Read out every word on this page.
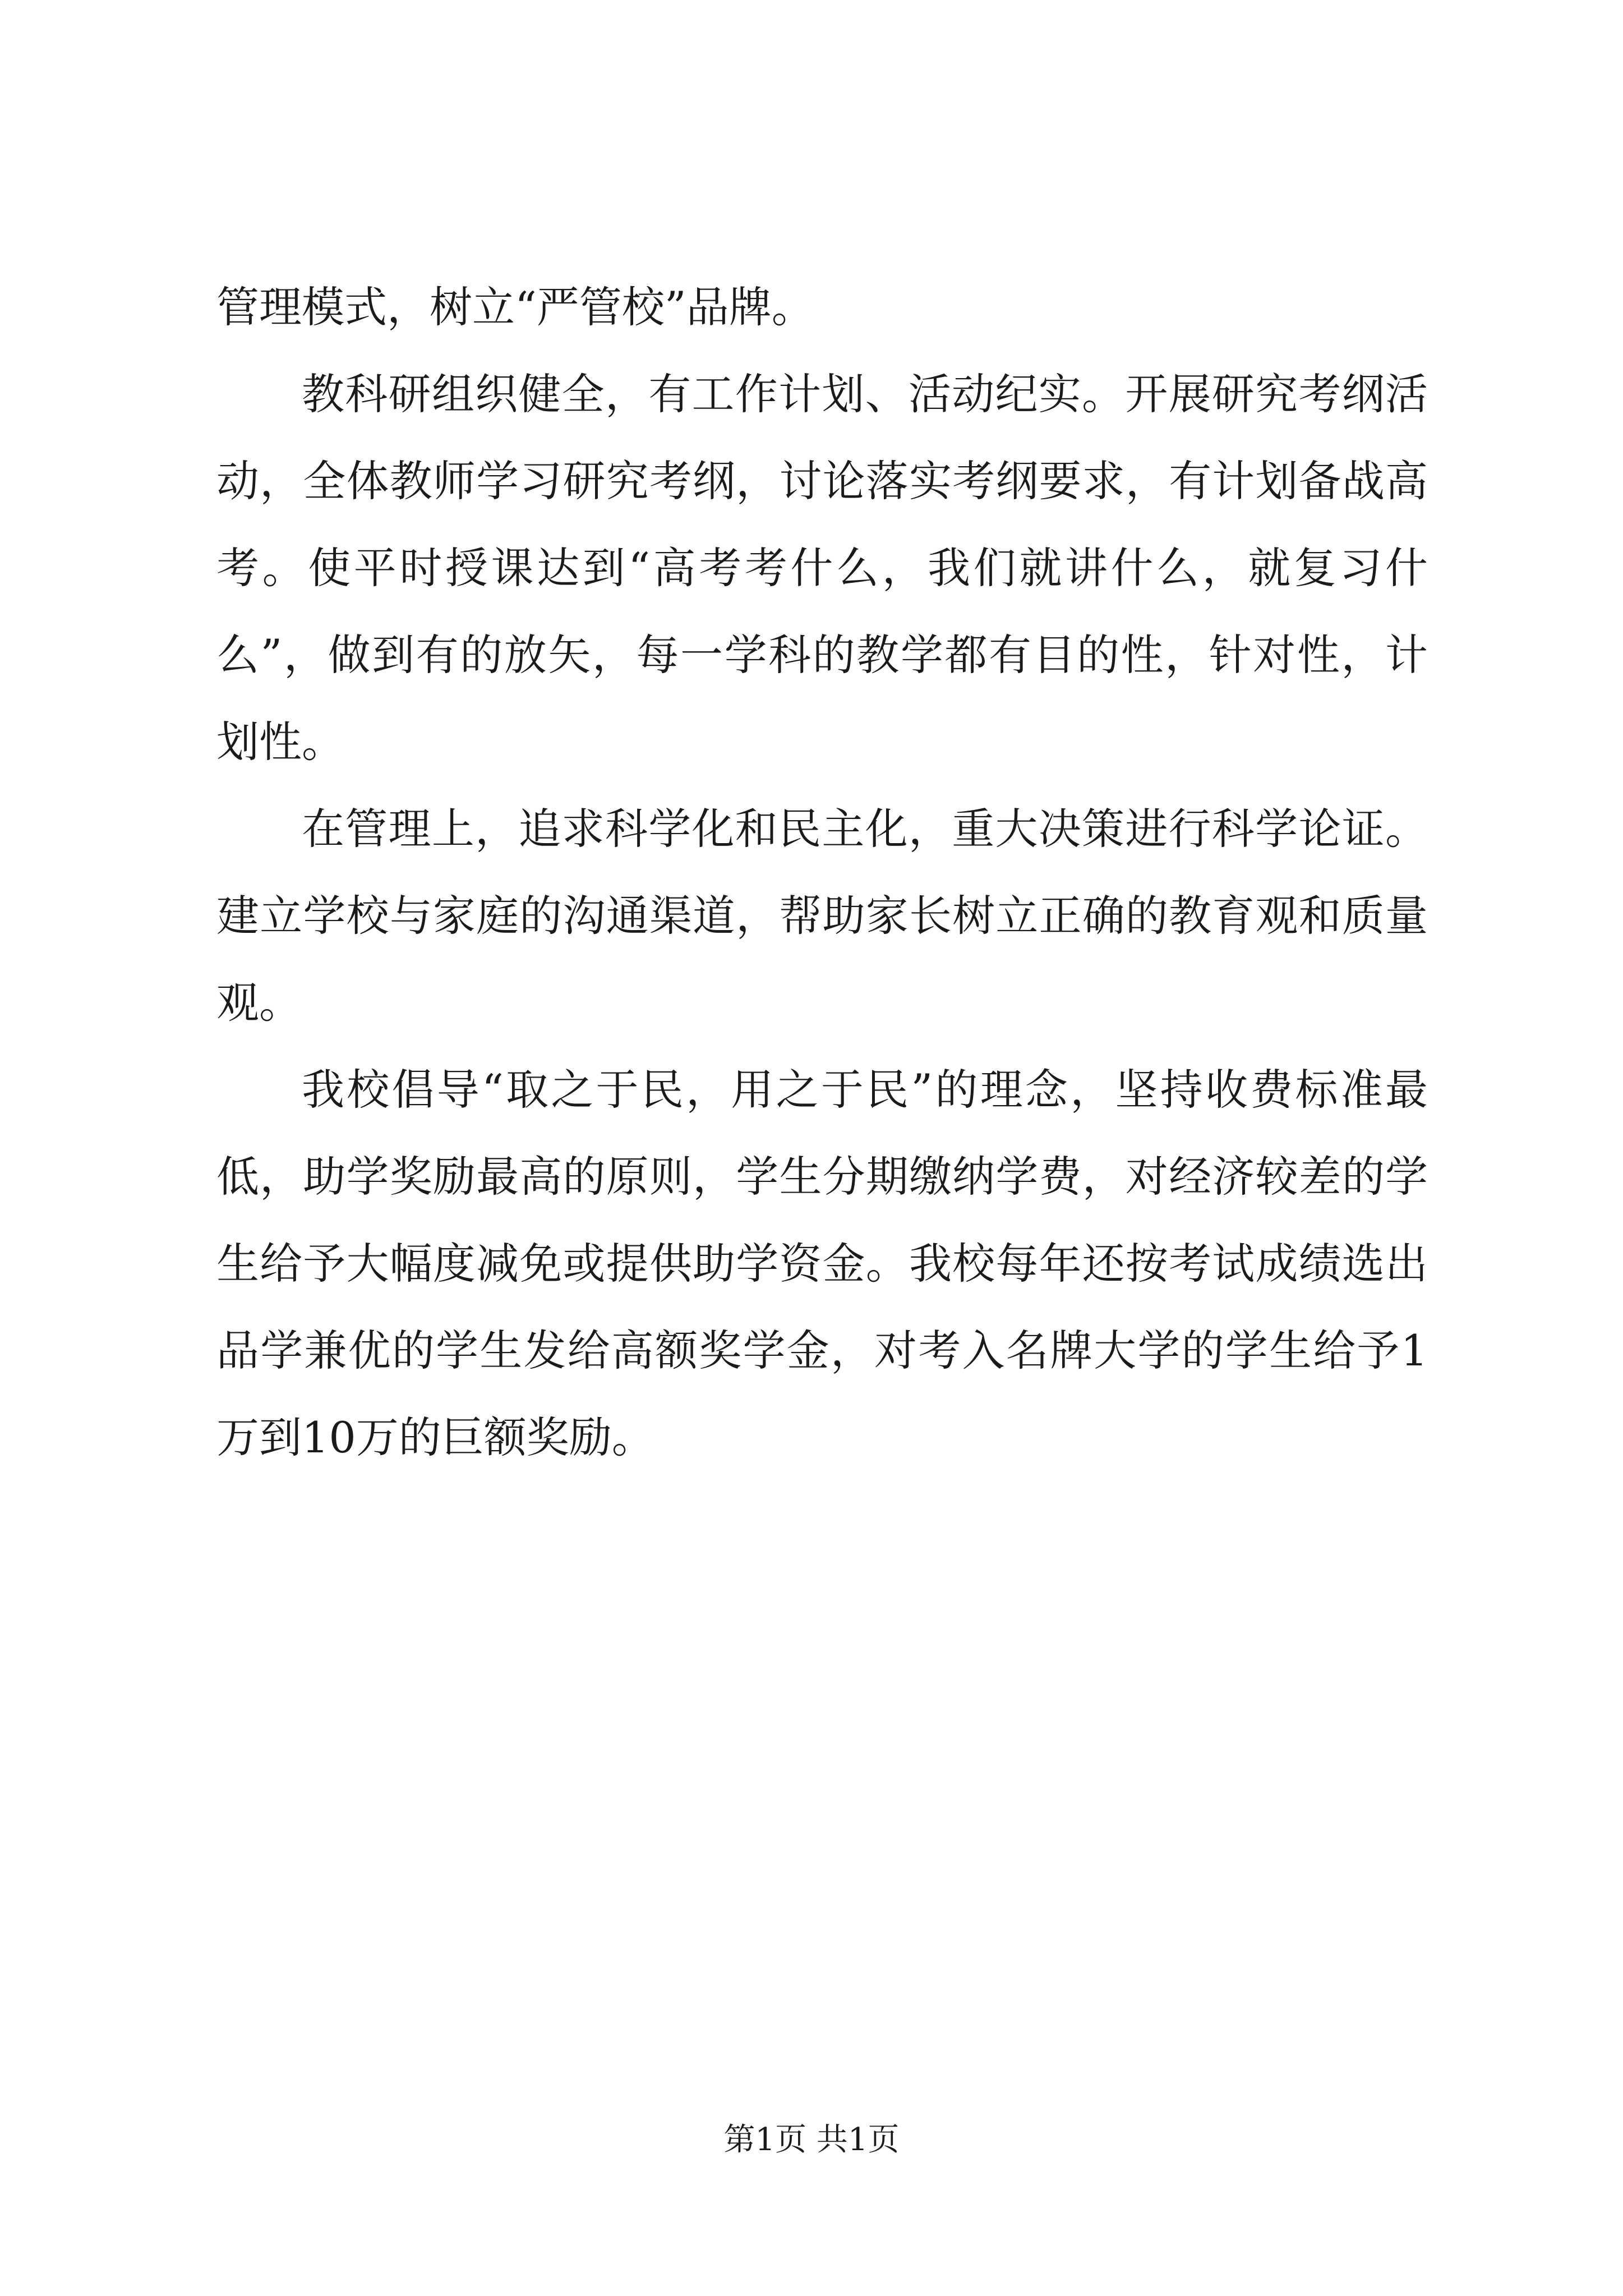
管理模式，树立“严管校”品牌。

教科研组织健全，有工作计划、活动纪实。开展研究考纲活动，全体教师学习研究考纲，讨论落实考纲要求，有计划备战高考。使平时授课达到“高考考什么，我们就讲什么，就复习什么”，做到有的放矢，每一学科的教学都有目的性，针对性，计划性。

在管理上，追求科学化和民主化，重大决策进行科学论证。建立学校与家庭的沟通渠道，帮助家长树立正确的教育观和质量观。

我校倡导“取之于民，用之于民”的理念，坚持收费标准最低，助学奖励最高的原则，学生分期缴纳学费，对经济较差的学生给予大幅度减免或提供助学资金。我校每年还按考试成绩选出品学兼优的学生发给高额奖学金，对考入名牌大学的学生给予1万到10万的巨额奖励。

第1页 共1页
